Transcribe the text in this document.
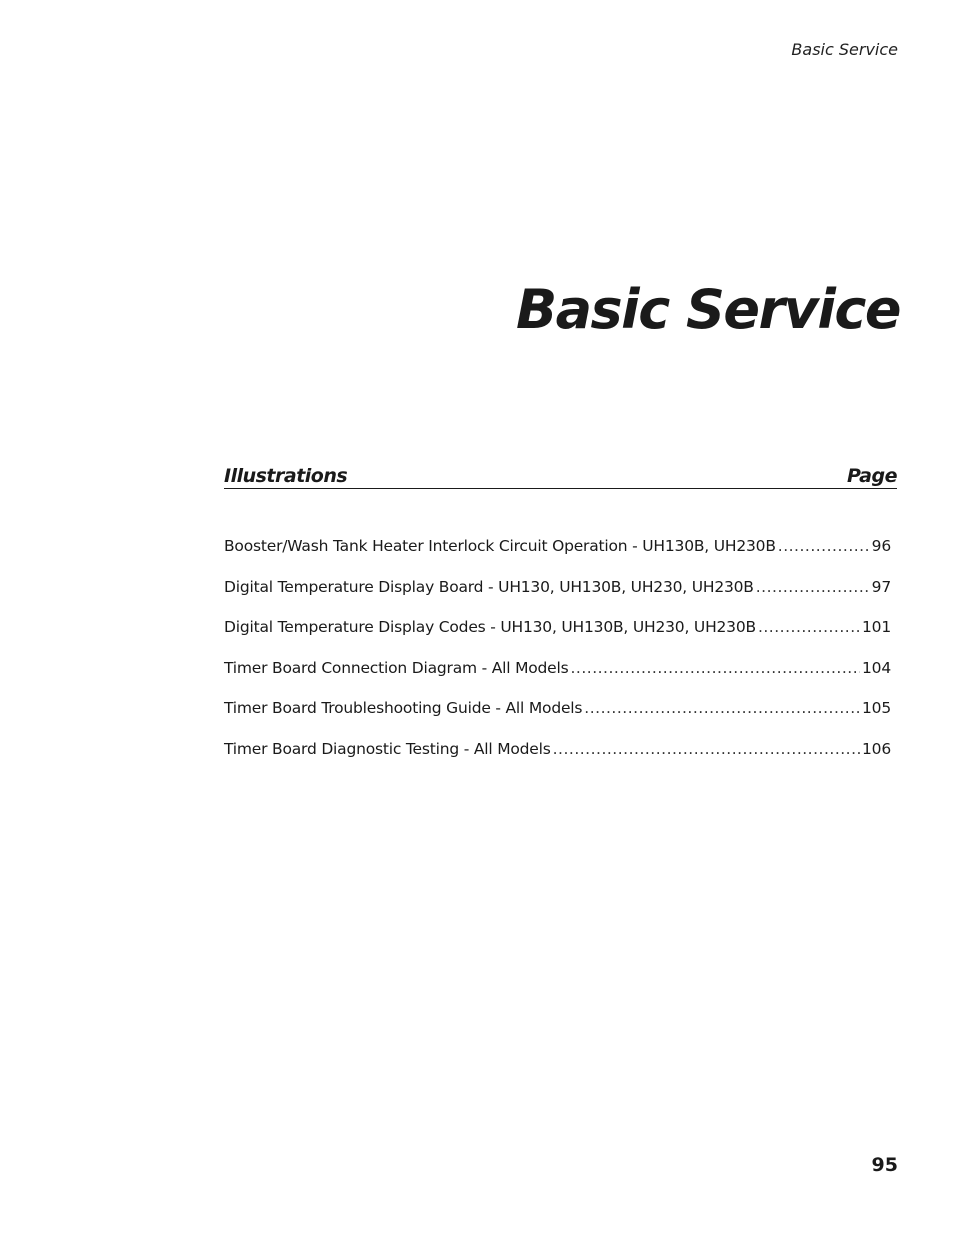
Basic Service
Basic Service
Illustrations	Page
Booster/Wash Tank Heater Interlock Circuit Operation - UH130B, UH230B .....	96
Digital Temperature Display Board - UH130, UH130B, UH230, UH230B .....	97
Digital Temperature Display Codes - UH130, UH130B, UH230, UH230B .....	101
Timer Board Connection Diagram - All Models .....	104
Timer Board Troubleshooting Guide - All Models .....	105
Timer Board Diagnostic Testing - All Models .....	106
95
